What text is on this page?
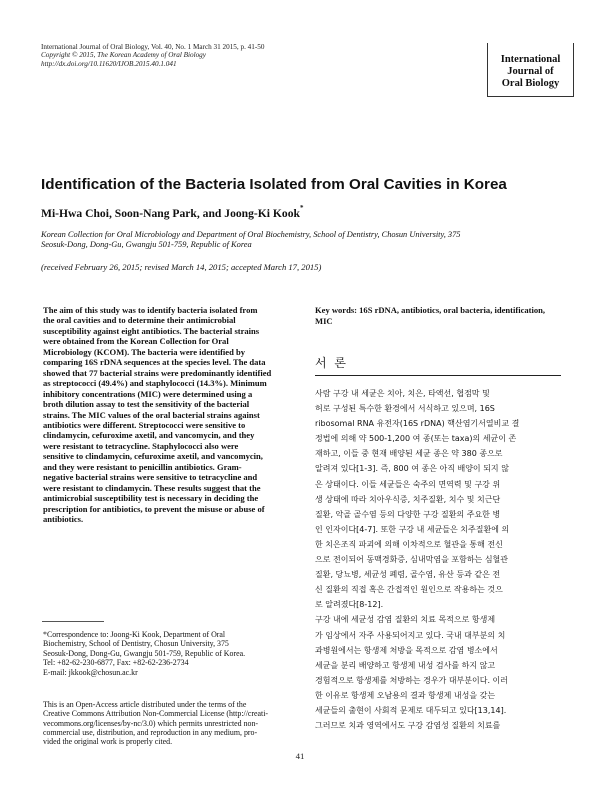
International Journal of Oral Biology, Vol. 40, No. 1 March 31 2015, p. 41-50
Copyright © 2015, The Korean Academy of Oral Biology
http://dx.doi.org/10.11620/IJOB.2015.40.1.041	International
Journal of
Oral Biology
Identification of the Bacteria Isolated from Oral Cavities in Korea
Mi-Hwa Choi, Soon-Nang Park, and Joong-Ki Kook*
Korean Collection for Oral Microbiology and Department of Oral Biochemistry, School of Dentistry, Chosun University, 375
Seosuk-Dong, Dong-Gu, Gwangju 501-759, Republic of Korea
(received February 26, 2015; revised March 14, 2015; accepted March 17, 2015)
The aim of this study was to identify bacteria isolated from
the oral cavities and to determine their antimicrobial
susceptibility against eight antibiotics. The bacterial strains
were obtained from the Korean Collection for Oral
Microbiology (KCOM). The bacteria were identified by
comparing 16S rDNA sequences at the species level. The data
showed that 77 bacterial strains were predominantly identified
as streptococci (49.4%) and staphylococci (14.3%). Minimum
inhibitory concentrations (MIC) were determined using a
broth dilution assay to test the sensitivity of the bacterial
strains. The MIC values of the oral bacterial strains against
antibiotics were different. Streptococci were sensitive to
clindamycin, cefuroxime axetil, and vancomycin, and they
were resistant to tetracycline. Staphylococci also were
sensitive to clindamycin, cefuroxime axetil, and vancomycin,
and they were resistant to penicillin antibiotics. Gram-
negative bacterial strains were sensitive to tetracycline and
were resistant to clindamycin. These results suggest that the
antimicrobial susceptibility test is necessary in deciding the
prescription for antibiotics, to prevent the misuse or abuse of
antibiotics.
*Correspondence to: Joong-Ki Kook, Department of Oral
Biochemistry, School of Dentistry, Chosun University, 375
Seosuk-Dong, Dong-Gu, Gwangju 501-759, Republic of Korea.
Tel: +82-62-230-6877, Fax: +82-62-236-2734
E-mail: jkkook@chosun.ac.kr
This is an Open-Access article distributed under the terms of the
Creative Commons Attribution Non-Commercial License (http://creati-
vecommons.org/licenses/by-nc/3.0) which permits unrestricted non-
commercial use, distribution, and reproduction in any medium, pro-
vided the original work is properly cited.
Key words: 16S rDNA, antibiotics, oral bacteria, identification,
MIC
서 론
사람 구강 내 세균은 치아, 치은, 타액선, 협점막 및
허로 구성된 특수한 환경에서 서식하고 있으며, 16S
ribosomal RNA 유전자(16S rDNA) 핵산염기서열비교 결
정법에 의해 약 500-1,200 여 종(또는 taxa)의 세균이 존
재하고, 이들 중 현재 배양된 세균 종은 약 380 종으로
알려져 있다[1-3]. 즉, 800 여 종은 아직 배양이 되지 않
은 상태이다. 이들 세균들은 숙주의 면역력 및 구강 위
생 상태에 따라 치아우식증, 치주질환, 치수 및 치근단
질환, 악골 골수염 등의 다양한 구강 질환의 주요한 병
인 인자이다[4-7]. 또한 구강 내 세균들은 치주질환에 의
한 치은조직 파괴에 의해 이차적으로 혈관을 통해 전신
으로 전이되어 동맥경화증, 심내막염을 포함하는 심혈관
질환, 당뇨병, 세균성 폐렴, 골수염, 유산 등과 같은 전
신 질환의 직접 혹은 간접적인 원인으로 작용하는 것으
로 알려졌다[8-12].
구강 내에 세균성 감염 질환의 치료 목적으로 항생제
가 임상에서 자주 사용되어지고 있다. 국내 대부분의 치
과병원에서는 항생제 처방을 목적으로 감염 병소에서
세균을 분리 배양하고 항생제 내성 검사를 하지 않고
경험적으로 항생제를 처방하는 경우가 대부분이다. 이러
한 이유로 항생제 오남용의 결과 항생제 내성을 갖는
세균들의 출현이 사회적 문제로 대두되고 있다[13,14].
그러므로 치과 영역에서도 구강 감염성 질환의 치료를
41
